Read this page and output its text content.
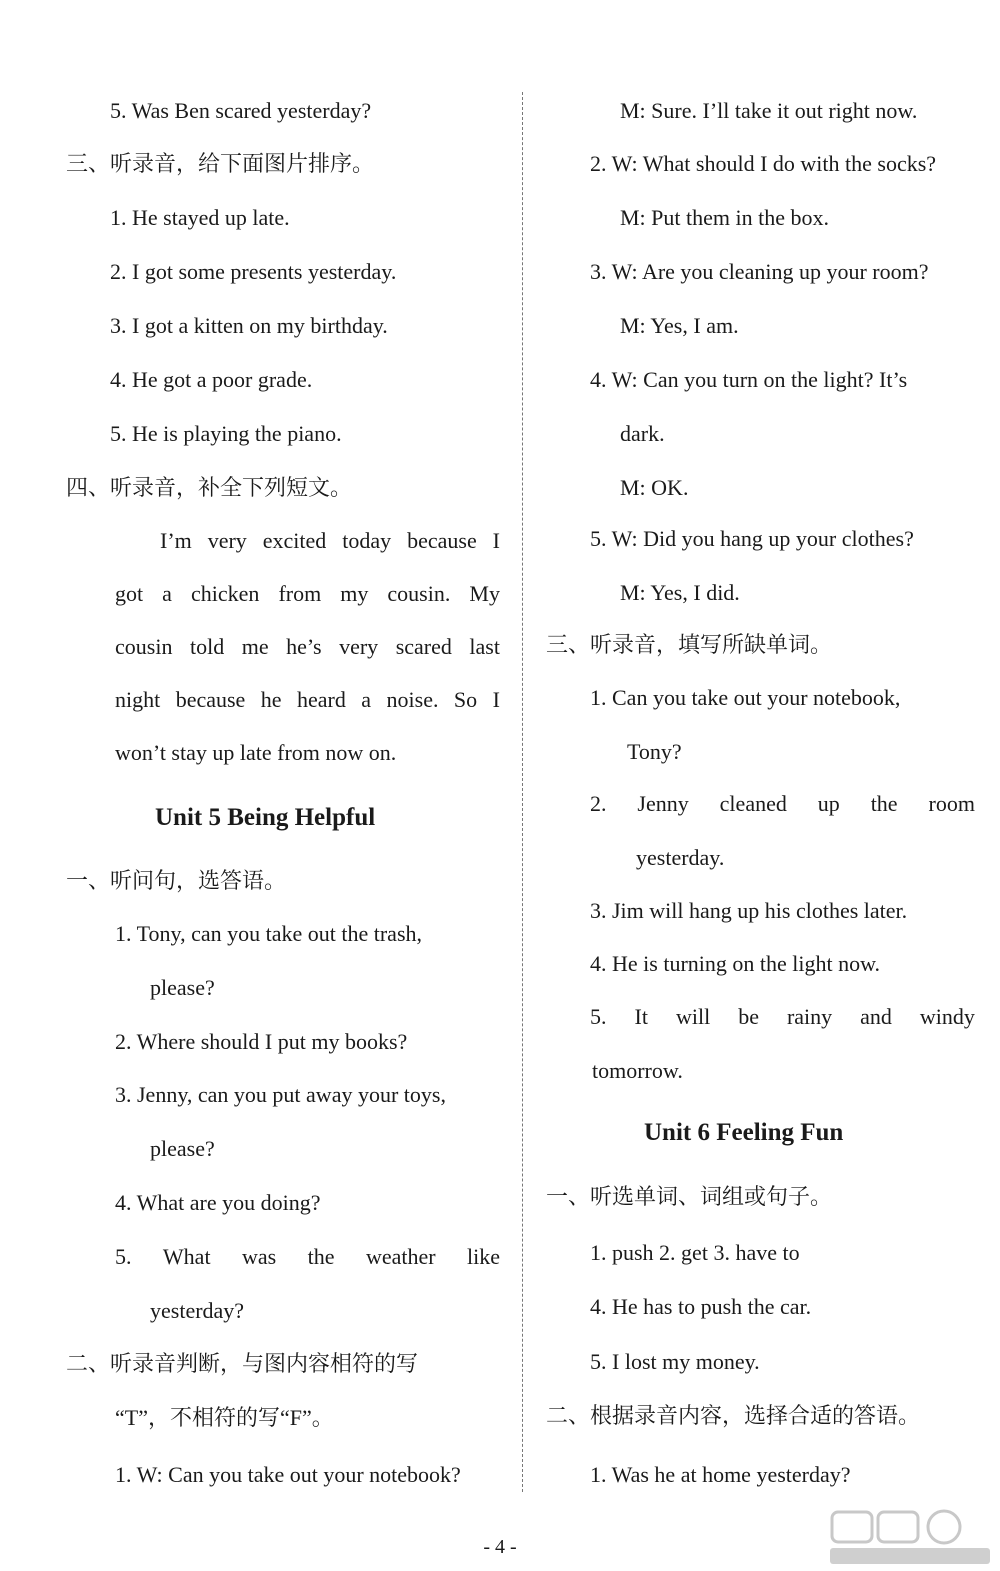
5. Was Ben scared yesterday?
三、听录音，给下面图片排序。
1. He stayed up late.
2. I got some presents yesterday.
3. I got a kitten on my birthday.
4. He got a poor grade.
5. He is playing the piano.
四、听录音，补全下列短文。
I’m very excited today because I
got a chicken from my cousin. My
cousin told me he’s very scared last
night because he heard a noise. So I
won’t stay up late from now on.
Unit 5 Being Helpful
一、听问句，选答语。
1. Tony, can you take out the trash,
please?
2. Where should I put my books?
3. Jenny, can you put away your toys,
please?
4. What are you doing?
5. What was the weather like
yesterday?
二、听录音判断，与图内容相符的写
“T”，不相符的写“F”。
1. W: Can you take out your notebook?
M: Sure. I’ll take it out right now.
2. W: What should I do with the socks?
M: Put them in the box.
3. W: Are you cleaning up your room?
M: Yes, I am.
4. W: Can you turn on the light? It’s
dark.
M: OK.
5. W: Did you hang up your clothes?
M: Yes, I did.
三、听录音，填写所缺单词。
1. Can you take out your notebook,
Tony?
2. Jenny cleaned up the room
yesterday.
3. Jim will hang up his clothes later.
4. He is turning on the light now.
5. It will be rainy and windy
tomorrow.
Unit 6 Feeling Fun
一、听选单词、词组或句子。
1. push 2. get 3. have to
4. He has to push the car.
5. I lost my money.
二、根据录音内容，选择合适的答语。
1. Was he at home yesterday?
- 4 -
